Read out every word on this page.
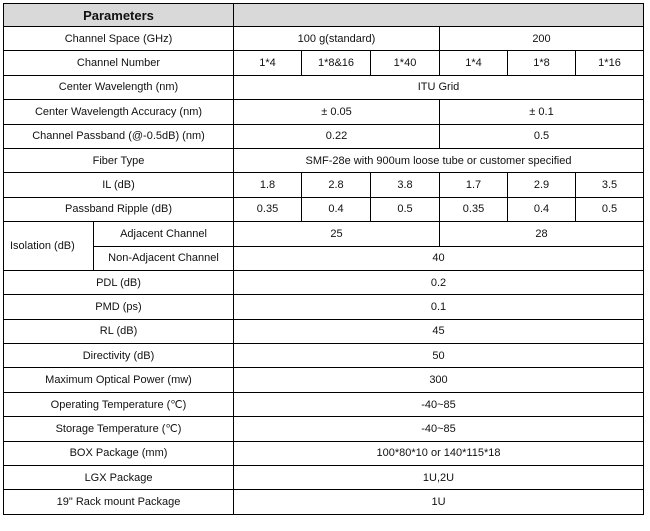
Parameters							
Channel Space (GHz)		100 g(standard)			200		
Channel Number		1*4	1*8&16	1*40	1*4	1*8	1*16
Center Wavelength (nm)		ITU Grid					
Center Wavelength Accuracy (nm)		± 0.05			± 0.1		
Channel Passband (@-0.5dB) (nm)		0.22			0.5		
Fiber Type		SMF-28e with 900um loose tube or customer specified					
IL (dB)		1.8	2.8	3.8	1.7	2.9	3.5
Passband Ripple (dB)		0.35	0.4	0.5	0.35	0.4	0.5
Isolation (dB)	Adjacent Channel	25			28		
	Non-Adjacent Channel	40					
PDL (dB)		0.2					
PMD (ps)		0.1					
RL (dB)		45					
Directivity (dB)		50					
Maximum Optical Power (mw)		300					
Operating Temperature (℃)		-40~85					
Storage Temperature (℃)		-40~85					
BOX Package (mm)		100*80*10 or 140*115*18					
LGX Package		1U,2U					
19" Rack mount Package		1U					
